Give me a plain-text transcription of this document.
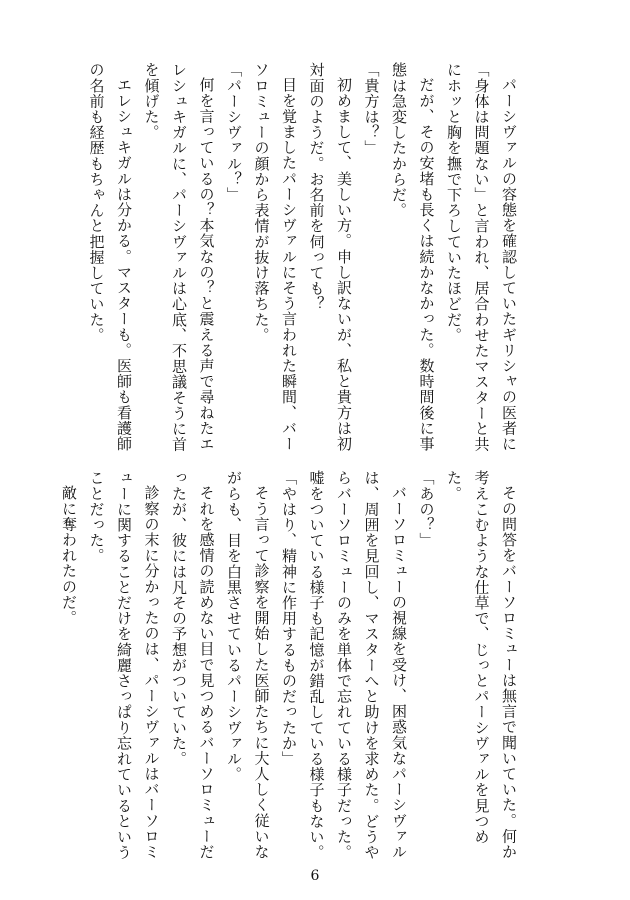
パーシヴァルの容態を確認していたギリシャの医者に「身体は問題ない」と言われ、居合わせたマスターと共にホッと胸を撫で下ろしていたほどだ。

だが、その安堵も長くは続かなかった。数時間後に事態は急変したからだ。

「貴方は？」

初めまして、美しい方。申し訳ないが、私と貴方は初対面のようだ。お名前を伺っても？

目を覚ましたパーシヴァルにそう言われた瞬間、バーソロミューの顔から表情が抜け落ちた。

「パーシヴァル？」

何を言っているの？本気なの？と震える声で尋ねたエレシュキガルに、パーシヴァルは心底、不思議そうに首を傾げた。

エレシュキガルは分かる。マスターも。医師も看護師の名前も経歴もちゃんと把握していた。

その問答をバーソロミューは無言で聞いていた。何か考えこむような仕草で、じっとパーシヴァルを見つめた。

「あの？」

バーソロミューの視線を受け、困惑気なパーシヴァルは、周囲を見回し、マスターへと助けを求めた。どうやらバーソロミューのみを単体で忘れている様子だった。嘘をついている様子も記憶が錯乱している様子もない。

「やはり、精神に作用するものだったか」

そう言って診察を開始した医師たちに大人しく従いながらも、目を白黒させているパーシヴァル。

それを感情の読めない目で見つめるバーソロミューだったが、彼には凡その予想がついていた。

診察の末に分かったのは、パーシヴァルはバーソロミューに関することだけを綺麗さっぱり忘れているということだった。

敵に奪われたのだ。

6
